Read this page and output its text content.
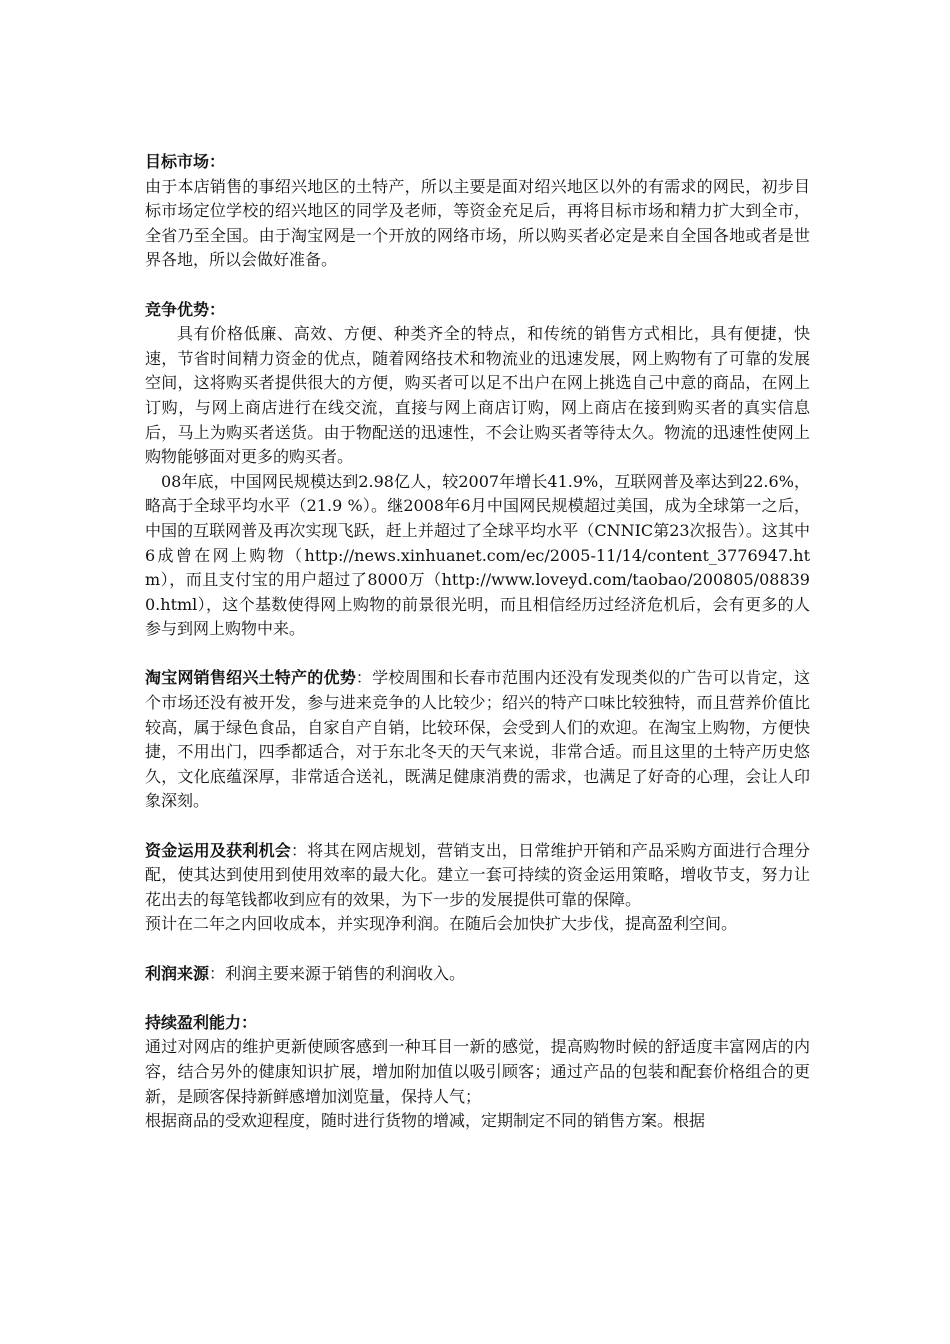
目标市场：

由于本店销售的事绍兴地区的土特产，所以主要是面对绍兴地区以外的有需求的网民，初步目标市场定位学校的绍兴地区的同学及老师，等资金充足后，再将目标市场和精力扩大到全市，全省乃至全国。由于淘宝网是一个开放的网络市场，所以购买者必定是来自全国各地或者是世界各地，所以会做好准备。

竞争优势：

具有价格低廉、高效、方便、种类齐全的特点，和传统的销售方式相比，具有便捷，快速，节省时间精力资金的优点，随着网络技术和物流业的迅速发展，网上购物有了可靠的发展空间，这将购买者提供很大的方便，购买者可以足不出户在网上挑选自己中意的商品，在网上订购，与网上商店进行在线交流，直接与网上商店订购，网上商店在接到购买者的真实信息后，马上为购买者送货。由于物配送的迅速性，不会让购买者等待太久。物流的迅速性使网上购物能够面对更多的购买者。

08年底，中国网民规模达到2.98亿人，较2007年增长41.9%，互联网普及率达到22.6%，略高于全球平均水平（21.9 %）。继2008年6月中国网民规模超过美国，成为全球第一之后，中国的互联网普及再次实现飞跃，赶上并超过了全球平均水平（CNNIC第23次报告）。这其中6成曾在网上购物（http://news.xinhuanet.com/ec/2005-11/14/content_3776947.htm），而且支付宝的用户超过了8000万（http://www.loveyd.com/taobao/200805/088390.html），这个基数使得网上购物的前景很光明，而且相信经历过经济危机后，会有更多的人参与到网上购物中来。

淘宝网销售绍兴土特产的优势：学校周围和长春市范围内还没有发现类似的广告可以肯定，这个市场还没有被开发，参与进来竞争的人比较少；绍兴的特产口味比较独特，而且营养价值比较高，属于绿色食品，自家自产自销，比较环保，会受到人们的欢迎。在淘宝上购物，方便快捷，不用出门，四季都适合，对于东北冬天的天气来说，非常合适。而且这里的土特产历史悠久，文化底蕴深厚，非常适合送礼，既满足健康消费的需求，也满足了好奇的心理，会让人印象深刻。

资金运用及获利机会：将其在网店规划，营销支出，日常维护开销和产品采购方面进行合理分配，使其达到使用到使用效率的最大化。建立一套可持续的资金运用策略，增收节支，努力让花出去的每笔钱都收到应有的效果，为下一步的发展提供可靠的保障。

预计在二年之内回收成本，并实现净利润。在随后会加快扩大步伐，提高盈利空间。

利润来源：利润主要来源于销售的利润收入。

持续盈利能力：

通过对网店的维护更新使顾客感到一种耳目一新的感觉，提高购物时候的舒适度丰富网店的内容，结合另外的健康知识扩展，增加附加值以吸引顾客；通过产品的包装和配套价格组合的更新，是顾客保持新鲜感增加浏览量，保持人气；

根据商品的受欢迎程度，随时进行货物的增减，定期制定不同的销售方案。根据
